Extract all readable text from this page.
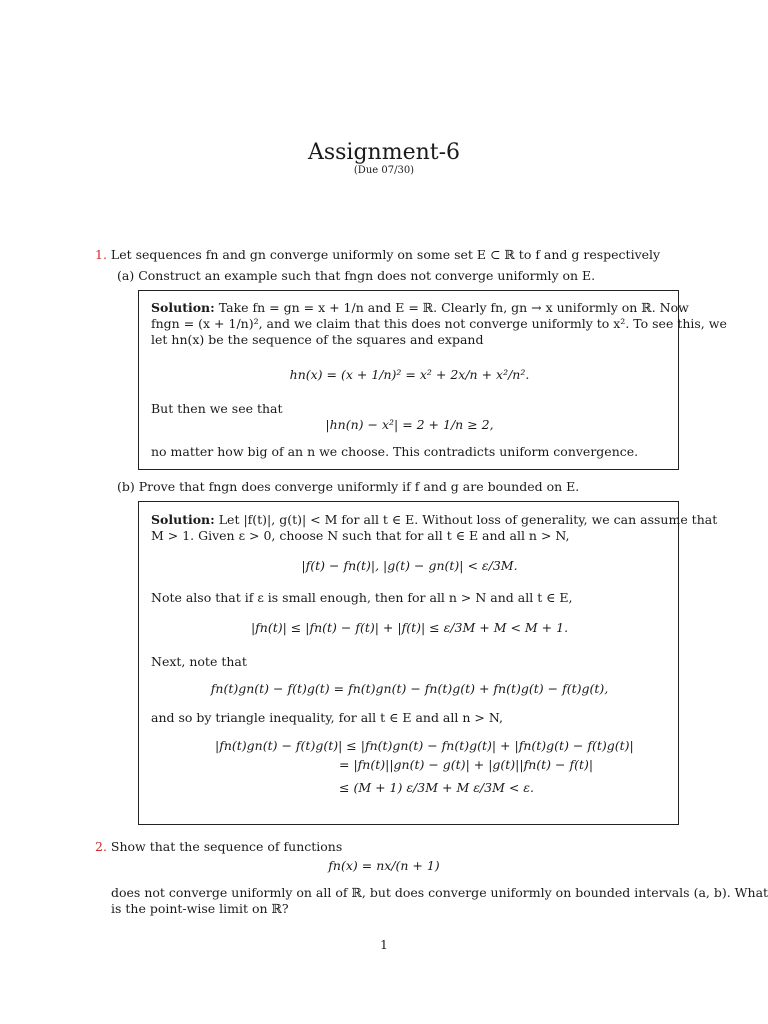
Assignment-6
(Due 07/30)
1. Let sequences fn and gn converge uniformly on some set E ⊂ ℝ to f and g respectively
(a) Construct an example such that fngn does not converge uniformly on E.
Solution: Take fn = gn = x + 1/n and E = ℝ. Clearly fn, gn → x uniformly on ℝ. Now
fngn = (x + 1/n)², and we claim that this does not converge uniformly to x². To see this, we
let hn(x) be the sequence of the squares and expand
hn(x) = (x + 1/n)² = x² + 2x/n + x²/n².
But then we see that
|hn(n) − x²| = 2 + 1/n ≥ 2,
no matter how big of an n we choose. This contradicts uniform convergence.
(b) Prove that fngn does converge uniformly if f and g are bounded on E.
Solution: Let |f(t)|, g(t)| < M for all t ∈ E. Without loss of generality, we can assume that
M > 1. Given ε > 0, choose N such that for all t ∈ E and all n > N,
|f(t) − fn(t)|, |g(t) − gn(t)| < ε/3M.
Note also that if ε is small enough, then for all n > N and all t ∈ E,
|fn(t)| ≤ |fn(t) − f(t)| + |f(t)| ≤ ε/3M + M < M + 1.
Next, note that
fn(t)gn(t) − f(t)g(t) = fn(t)gn(t) − fn(t)g(t) + fn(t)g(t) − f(t)g(t),
and so by triangle inequality, for all t ∈ E and all n > N,
|fn(t)gn(t) − f(t)g(t)| ≤ |fn(t)gn(t) − fn(t)g(t)| + |fn(t)g(t) − f(t)g(t)|
= |fn(t)||gn(t) − g(t)| + |g(t)||fn(t) − f(t)|
≤ (M + 1) ε/3M + M ε/3M < ε.
2. Show that the sequence of functions
fn(x) = nx/(n + 1)
does not converge uniformly on all of ℝ, but does converge uniformly on bounded intervals (a, b). What
is the point-wise limit on ℝ?
1
